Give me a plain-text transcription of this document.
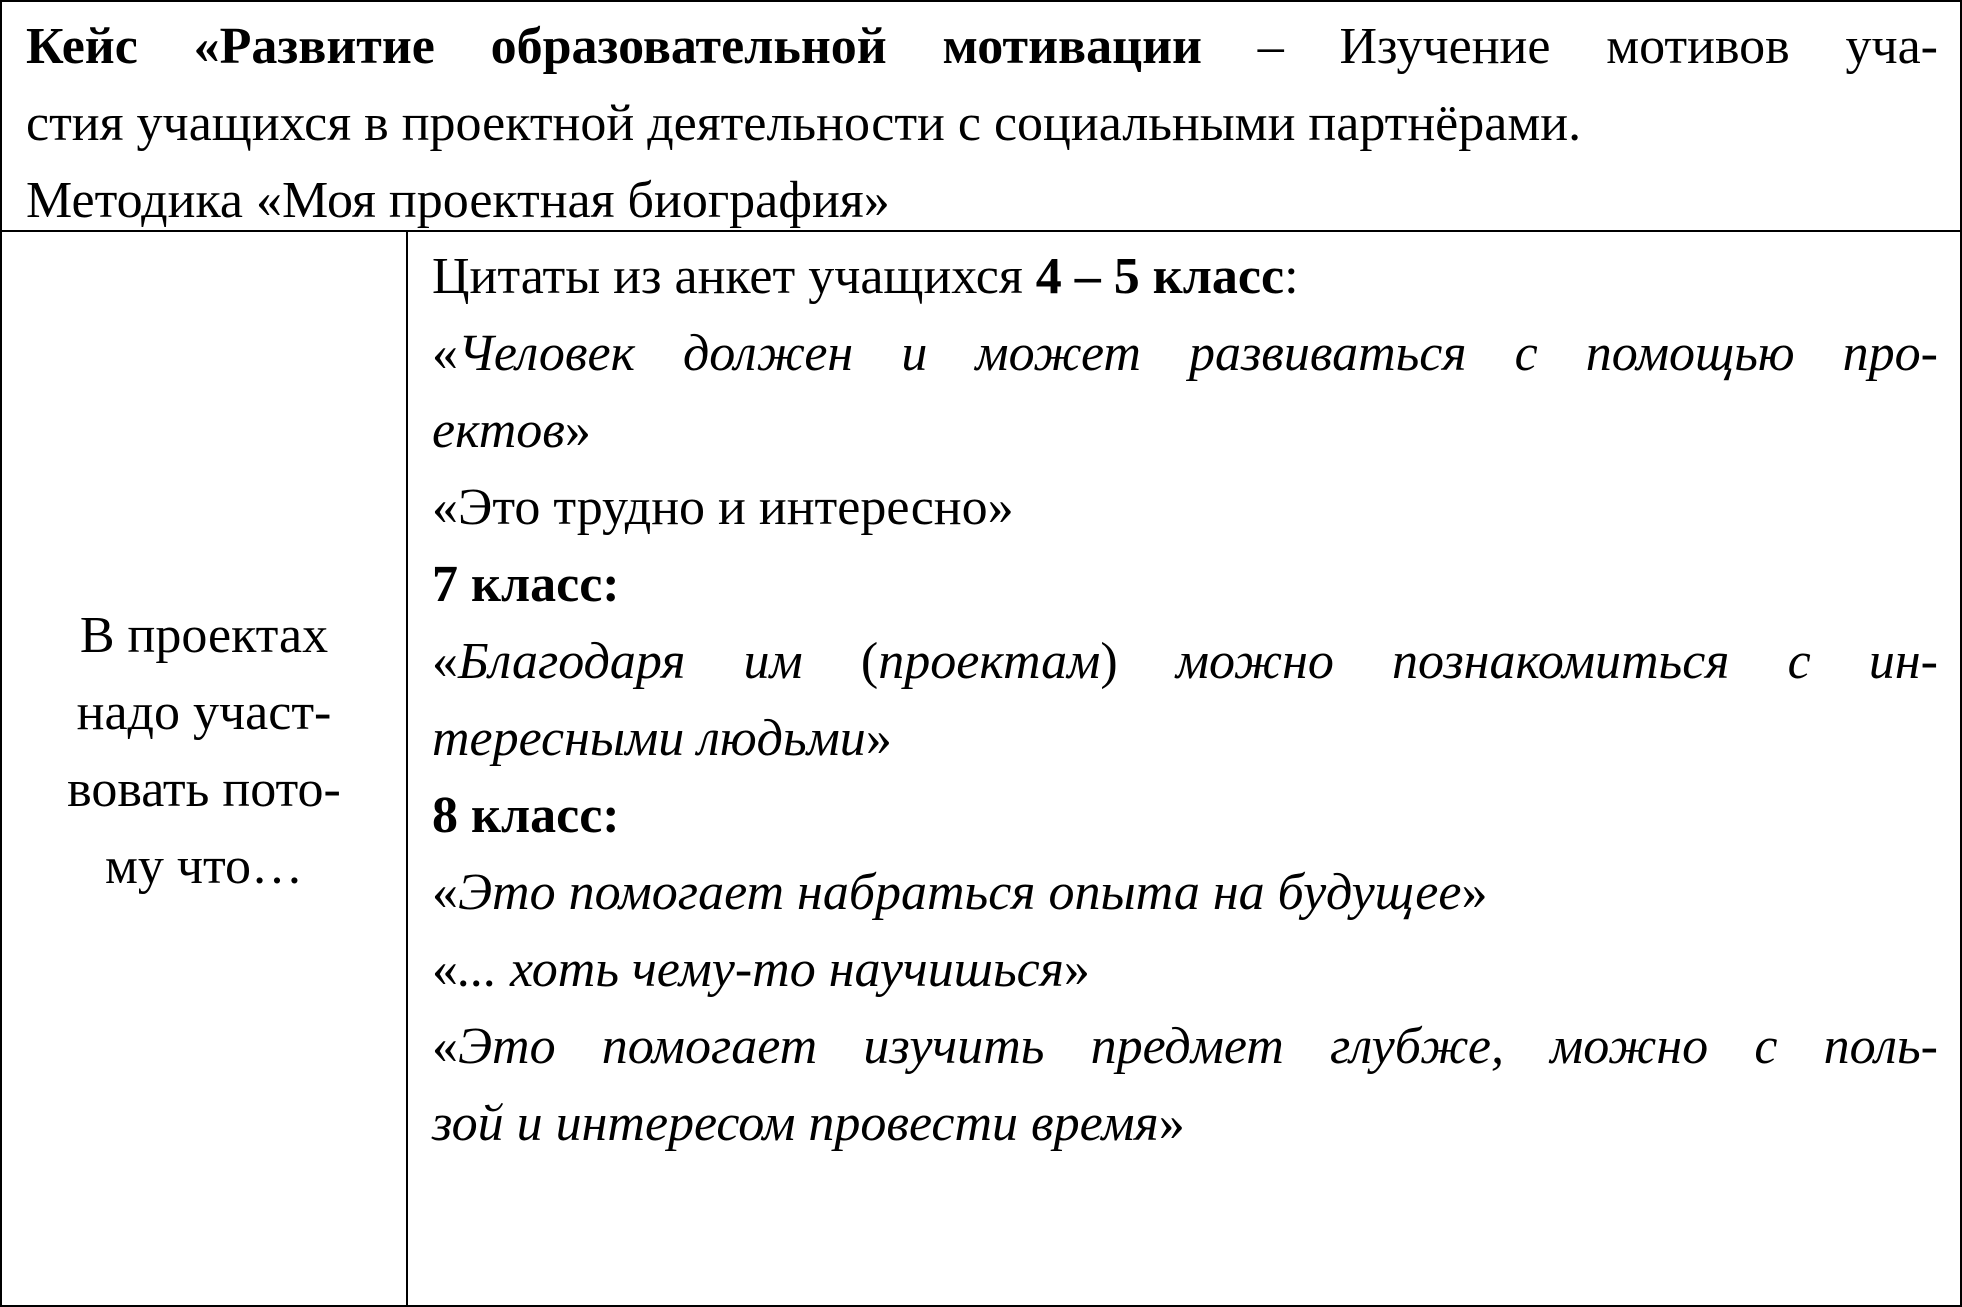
Кейс «Развитие образовательной мотивации – Изучение мотивов уча-
стия учащихся в проектной деятельности с социальными партнёрами.
Методика «Моя проектная биография»
В проектах
надо участ-
вовать пото-
му что…
Цитаты из анкет учащихся 4 – 5 класс:
«Человек должен и может развиваться с помощью про-
ектов»
«Это трудно и интересно»
7 класс:
«Благодаря им (проектам) можно познакомиться с ин-
тересными людьми»
8 класс:
«Это помогает набраться опыта на будущее»
«... хоть чему-то научишься»
«Это помогает изучить предмет глубже, можно с поль-
зой и интересом провести время»
